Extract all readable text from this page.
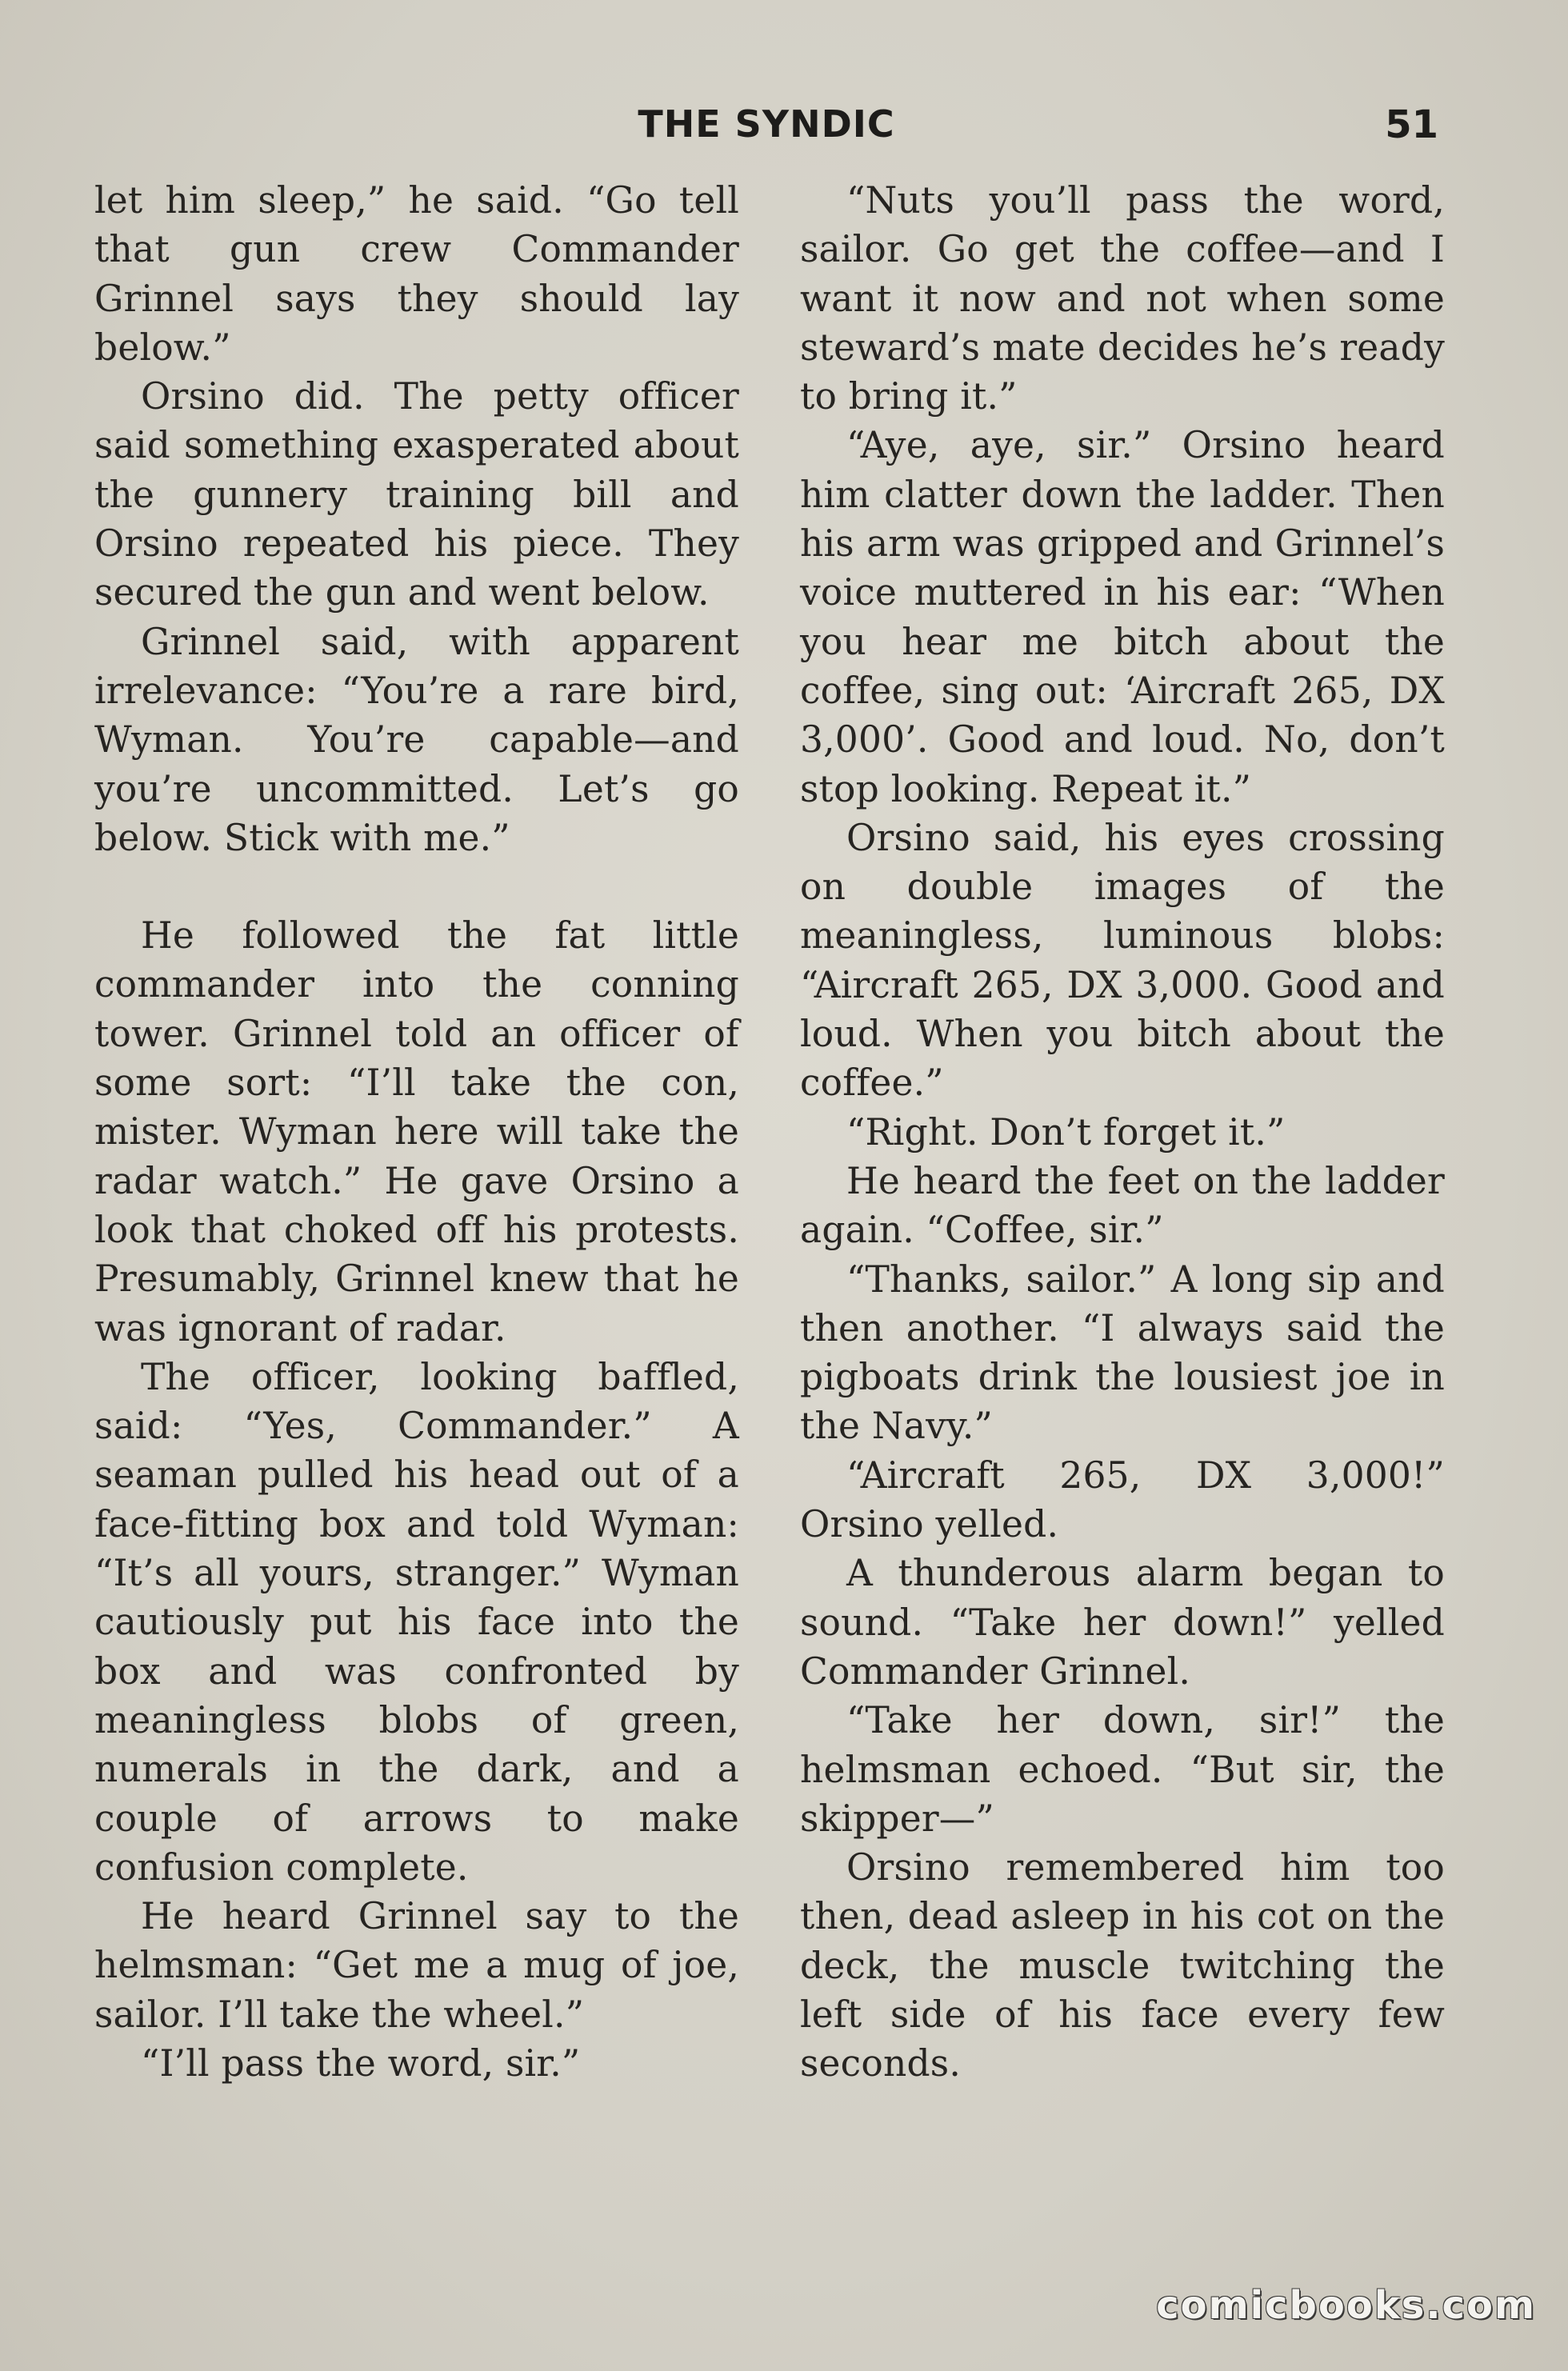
THE SYNDIC	51

let him sleep,” he said. “Go tell that gun crew Commander Grinnel says they should lay below.”

Orsino did. The petty officer said something exasperated about the gunnery training bill and Orsino repeated his piece. They secured the gun and went below.

Grinnel said, with apparent irrelevance: “You’re a rare bird, Wyman. You’re capable—and you’re uncommitted. Let’s go below. Stick with me.”

He followed the fat little commander into the conning tower. Grinnel told an officer of some sort: “I’ll take the con, mister. Wyman here will take the radar watch.” He gave Orsino a look that choked off his protests. Presumably, Grinnel knew that he was ignorant of radar.

The officer, looking baffled, said: “Yes, Commander.” A seaman pulled his head out of a face-fitting box and told Wyman: “It’s all yours, stranger.” Wyman cautiously put his face into the box and was confronted by meaningless blobs of green, numerals in the dark, and a couple of arrows to make confusion complete.

He heard Grinnel say to the helmsman: “Get me a mug of joe, sailor. I’ll take the wheel.”

“I’ll pass the word, sir.”

“Nuts you’ll pass the word, sailor. Go get the coffee—and I want it now and not when some steward’s mate decides he’s ready to bring it.”

“Aye, aye, sir.” Orsino heard him clatter down the ladder. Then his arm was gripped and Grinnel’s voice muttered in his ear: “When you hear me bitch about the coffee, sing out: ‘Aircraft 265, DX 3,000’. Good and loud. No, don’t stop looking. Repeat it.”

Orsino said, his eyes crossing on double images of the meaningless, luminous blobs: “Aircraft 265, DX 3,000. Good and loud. When you bitch about the coffee.”

“Right. Don’t forget it.”

He heard the feet on the ladder again. “Coffee, sir.”

“Thanks, sailor.” A long sip and then another. “I always said the pigboats drink the lousiest joe in the Navy.”

“Aircraft 265, DX 3,000!” Orsino yelled.

A thunderous alarm began to sound. “Take her down!” yelled Commander Grinnel.

“Take her down, sir!” the helmsman echoed. “But sir, the skipper—”

Orsino remembered him too then, dead asleep in his cot on the deck, the muscle twitching the left side of his face every few seconds.

comicbooks.com
